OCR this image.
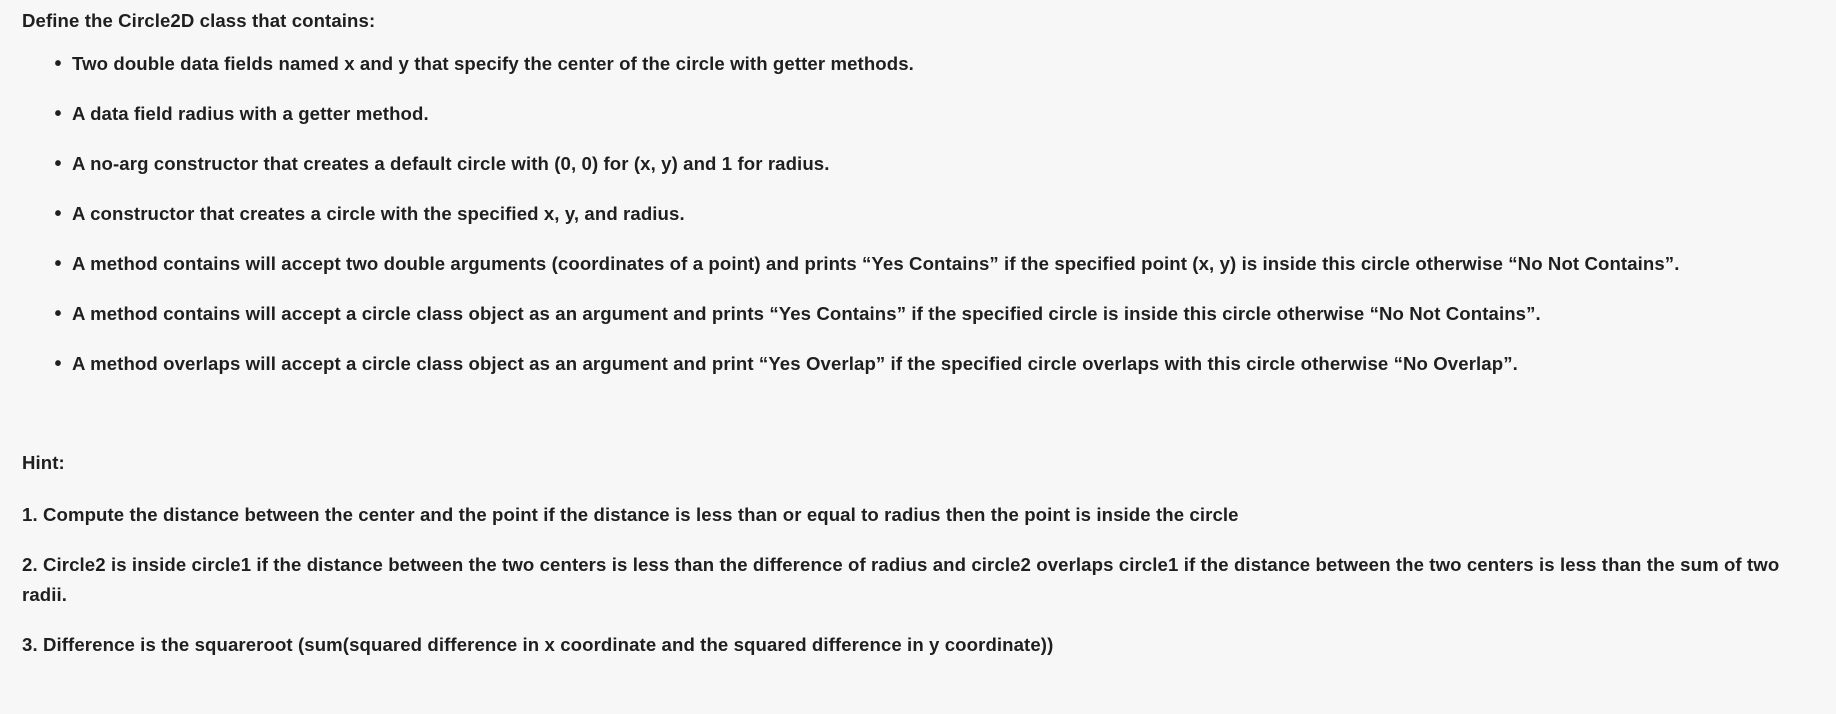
Define the Circle2D class that contains:

• Two double data fields named x and y that specify the center of the circle with getter methods.
• A data field radius with a getter method.
• A no-arg constructor that creates a default circle with (0, 0) for (x, y) and 1 for radius.
• A constructor that creates a circle with the specified x, y, and radius.
• A method contains will accept two double arguments (coordinates of a point) and prints “Yes Contains” if the specified point (x, y) is inside this circle otherwise “No Not Contains”.
• A method contains will accept a circle class object as an argument and prints “Yes Contains” if the specified circle is inside this circle otherwise “No Not Contains”.
• A method overlaps will accept a circle class object as an argument and print “Yes Overlap” if the specified circle overlaps with this circle otherwise “No Overlap”.

Hint:

1. Compute the distance between the center and the point if the distance is less than or equal to radius then the point is inside the circle

2. Circle2 is inside circle1 if the distance between the two centers is less than the difference of radius and circle2 overlaps circle1 if the distance between the two centers is less than the sum of two radii.

3. Difference is the squareroot (sum(squared difference in x coordinate and the squared difference in y coordinate))
